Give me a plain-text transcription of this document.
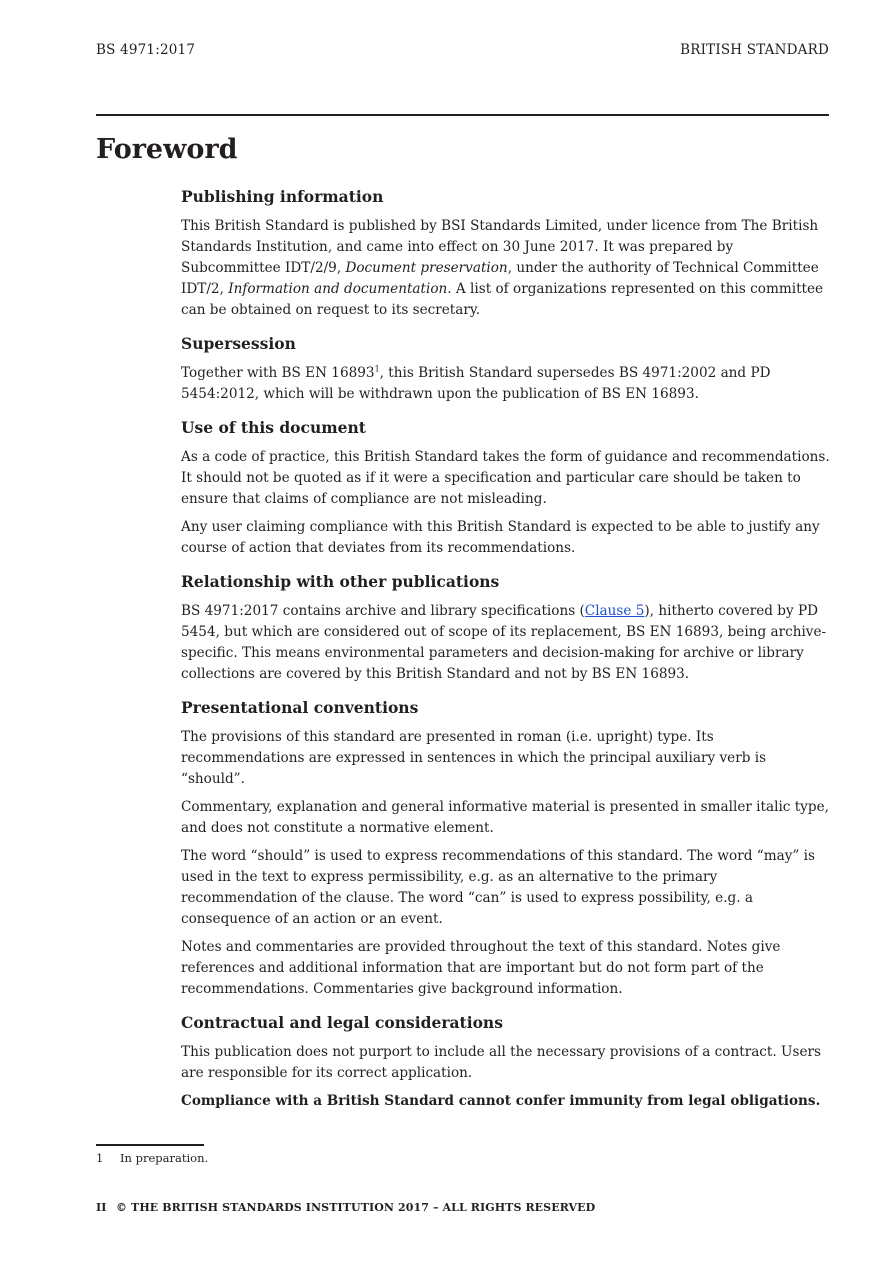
BS 4971:2017	BRITISH STANDARD
Foreword
Publishing information

This British Standard is published by BSI Standards Limited, under licence from The British Standards Institution, and came into effect on 30 June 2017. It was prepared by Subcommittee IDT/2/9, Document preservation, under the authority of Technical Committee IDT/2, Information and documentation. A list of organizations represented on this committee can be obtained on request to its secretary.

Supersession

Together with BS EN 16893$^1$, this British Standard supersedes BS 4971:2002 and PD 5454:2012, which will be withdrawn upon the publication of BS EN 16893.

Use of this document

As a code of practice, this British Standard takes the form of guidance and recommendations. It should not be quoted as if it were a specification and particular care should be taken to ensure that claims of compliance are not misleading.

Any user claiming compliance with this British Standard is expected to be able to justify any course of action that deviates from its recommendations.

Relationship with other publications

BS 4971:2017 contains archive and library specifications (Clause 5), hitherto covered by PD 5454, but which are considered out of scope of its replacement, BS EN 16893, being archive-specific. This means environmental parameters and decision-making for archive or library collections are covered by this British Standard and not by BS EN 16893.

Presentational conventions

The provisions of this standard are presented in roman (i.e. upright) type. Its recommendations are expressed in sentences in which the principal auxiliary verb is “should”.

Commentary, explanation and general informative material is presented in smaller italic type, and does not constitute a normative element.

The word “should” is used to express recommendations of this standard. The word “may” is used in the text to express permissibility, e.g. as an alternative to the primary recommendation of the clause. The word “can” is used to express possibility, e.g. a consequence of an action or an event.

Notes and commentaries are provided throughout the text of this standard. Notes give references and additional information that are important but do not form part of the recommendations. Commentaries give background information.

Contractual and legal considerations

This publication does not purport to include all the necessary provisions of a contract. Users are responsible for its correct application.

Compliance with a British Standard cannot confer immunity from legal obligations.

1 In preparation.
II © THE BRITISH STANDARDS INSTITUTION 2017 – ALL RIGHTS RESERVED
